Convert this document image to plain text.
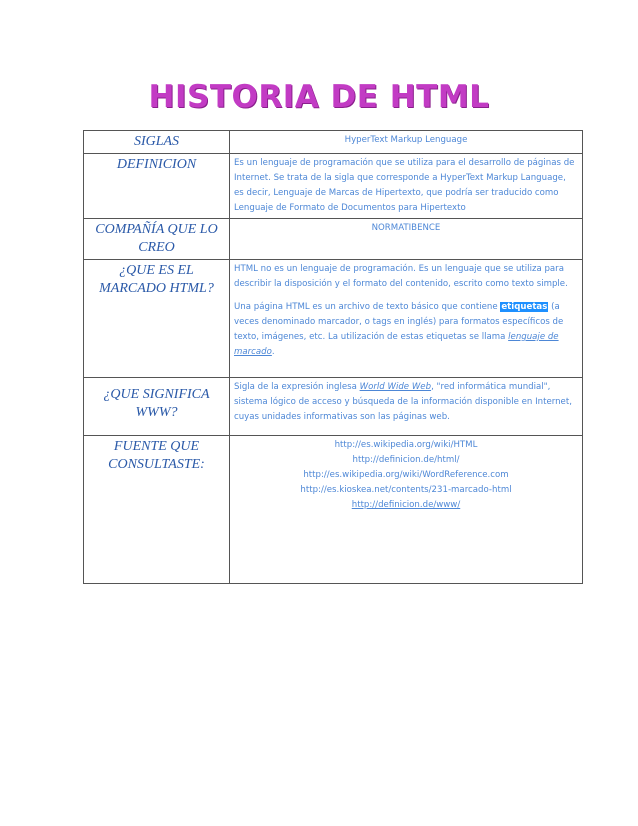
HISTORIA DE HTML
SIGLAS	HyperText Markup Lenguage
DEFINICION	Es un lenguaje de programación que se utiliza para el desarrollo de páginas de Internet. Se trata de la sigla que corresponde a HyperText Markup Language, es decir, Lenguaje de Marcas de Hipertexto, que podría ser traducido como Lenguaje de Formato de Documentos para Hipertexto
COMPAÑÍA QUE LO CREO	NORMATIBENCE
¿QUE ES EL MARCADO HTML?	HTML no es un lenguaje de programación. Es un lenguaje que se utiliza para describir la disposición y el formato del contenido, escrito como texto simple.

Una página HTML es un archivo de texto básico que contiene etiquetas (a veces denominado marcador, o tags en inglés) para formatos específicos de texto, imágenes, etc. La utilización de estas etiquetas se llama lenguaje de marcado.

¿QUE SIGNIFICA WWW?	Sigla de la expresión inglesa World Wide Web, "red informática mundial", sistema lógico de acceso y búsqueda de la información disponible en Internet, cuyas unidades informativas son las páginas web.
FUENTE QUE CONSULTASTE:	http://es.wikipedia.org/wiki/HTML
http://definicion.de/html/
http://es.wikipedia.org/wiki/WordReference.com
http://es.kioskea.net/contents/231-marcado-html
http://definicion.de/www/
